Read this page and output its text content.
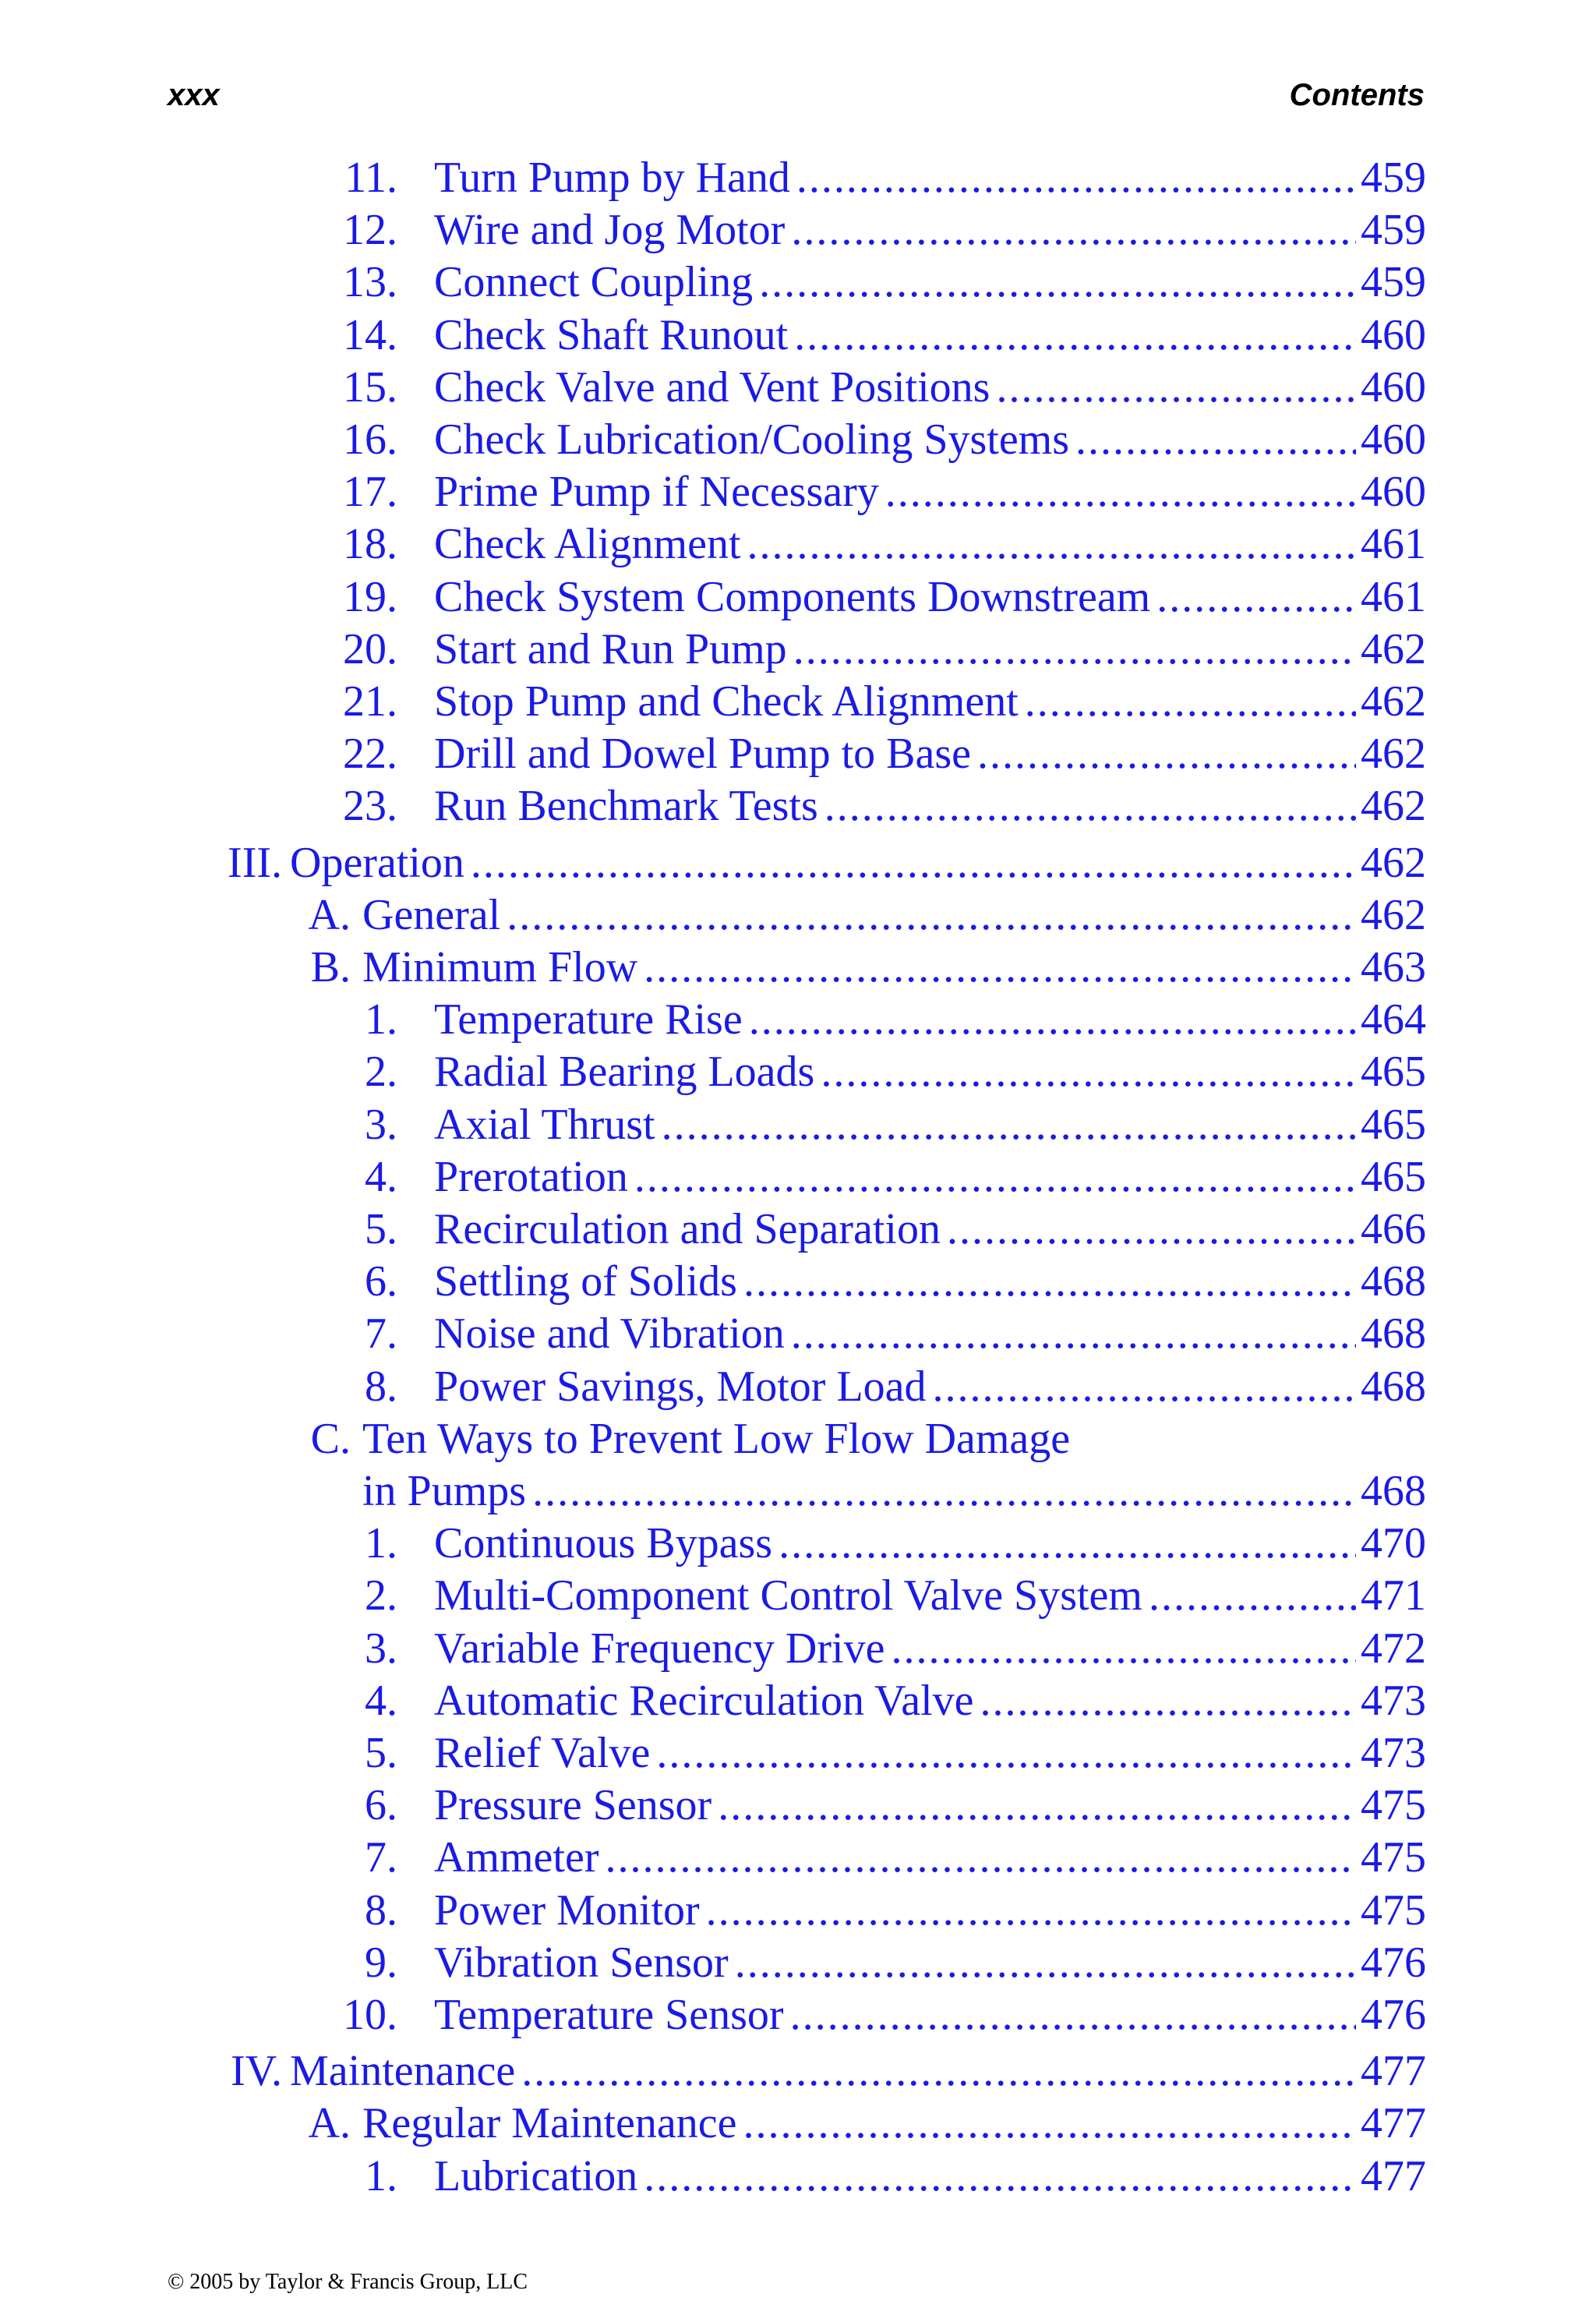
xxx	Contents
11. Turn Pump by Hand .....	459
12. Wire and Jog Motor .....	459
13. Connect Coupling .....	459
14. Check Shaft Runout .....	460
15. Check Valve and Vent Positions .....	460
16. Check Lubrication/Cooling Systems .....	460
17. Prime Pump if Necessary .....	460
18. Check Alignment .....	461
19. Check System Components Downstream .....	461
20. Start and Run Pump .....	462
21. Stop Pump and Check Alignment .....	462
22. Drill and Dowel Pump to Base .....	462
23. Run Benchmark Tests .....	462
III. Operation .....	462
A. General .....	462
B. Minimum Flow .....	463
1. Temperature Rise .....	464
2. Radial Bearing Loads .....	465
3. Axial Thrust .....	465
4. Prerotation .....	465
5. Recirculation and Separation .....	466
6. Settling of Solids .....	468
7. Noise and Vibration .....	468
8. Power Savings, Motor Load .....	468
C. Ten Ways to Prevent Low Flow Damage
in Pumps .....	468
1. Continuous Bypass .....	470
2. Multi-Component Control Valve System .....	471
3. Variable Frequency Drive .....	472
4. Automatic Recirculation Valve .....	473
5. Relief Valve .....	473
6. Pressure Sensor .....	475
7. Ammeter .....	475
8. Power Monitor .....	475
9. Vibration Sensor .....	476
10. Temperature Sensor .....	476
IV. Maintenance .....	477
A. Regular Maintenance .....	477
1. Lubrication .....	477
© 2005 by Taylor & Francis Group, LLC
